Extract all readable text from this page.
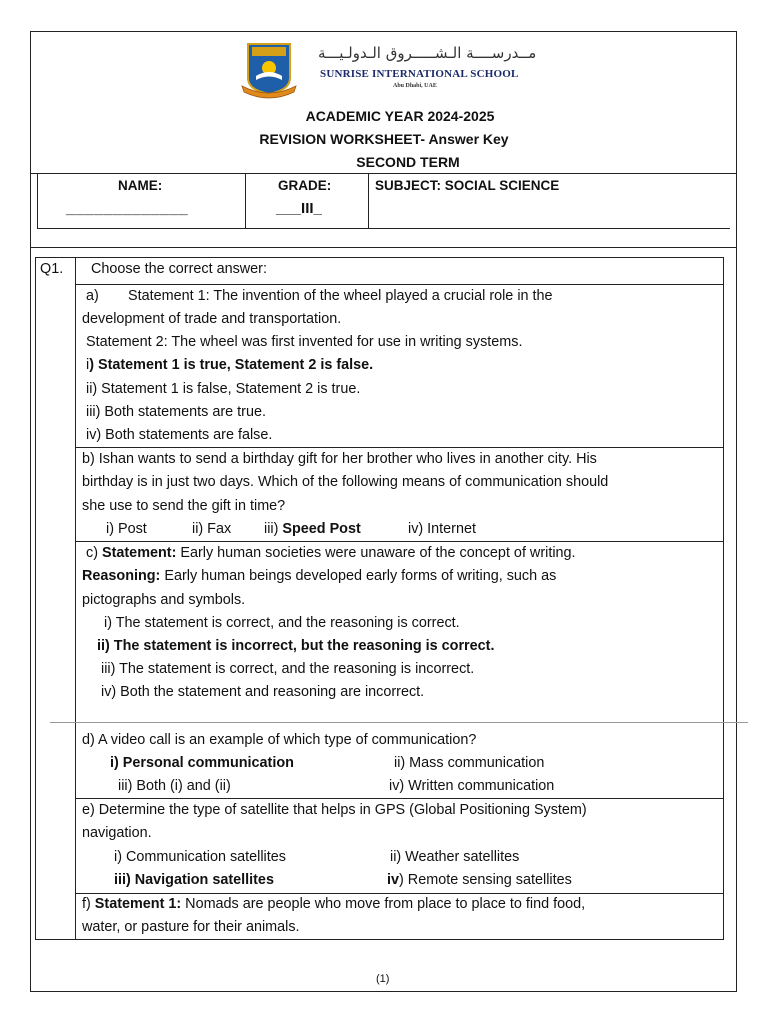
مــدرســــة الـشـــــروق الـدولـيـــة
SUNRISE INTERNATIONAL SCHOOL
Abu Dhabi, UAE
ACADEMIC YEAR 2024-2025
REVISION WORKSHEET- Answer Key
SECOND TERM
NAME:
_____________
GRADE:
___III_
SUBJECT: SOCIAL SCIENCE
Q1. Choose the correct answer:
a) Statement 1: The invention of the wheel played a crucial role in the
development of trade and transportation.
Statement 2: The wheel was first invented for use in writing systems.
i) Statement 1 is true, Statement 2 is false.
ii) Statement 1 is false, Statement 2 is true.
iii) Both statements are true.
iv) Both statements are false.
b) Ishan wants to send a birthday gift for her brother who lives in another city. His
birthday is in just two days. Which of the following means of communication should
she use to send the gift in time?
i) Post	ii) Fax iii) Speed Post	iv) Internet
c) Statement: Early human societies were unaware of the concept of writing.
Reasoning: Early human beings developed early forms of writing, such as
pictographs and symbols.
i) The statement is correct, and the reasoning is correct.
ii) The statement is incorrect, but the reasoning is correct.
iii) The statement is correct, and the reasoning is incorrect.
iv) Both the statement and reasoning are incorrect.
d) A video call is an example of which type of communication?
i) Personal communication	ii) Mass communication
iii) Both (i) and (ii)	iv) Written communication
e) Determine the type of satellite that helps in GPS (Global Positioning System)
navigation.
i) Communication satellites	ii) Weather satellites
iii) Navigation satellites	iv) Remote sensing satellites
f) Statement 1: Nomads are people who move from place to place to find food,
water, or pasture for their animals.
(1)
